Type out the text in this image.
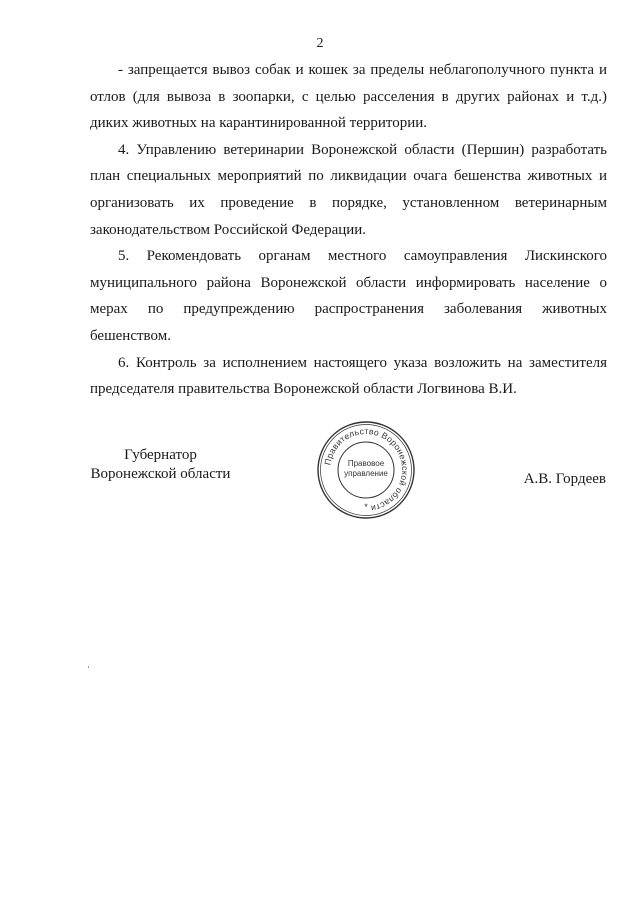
2

- запрещается вывоз собак и кошек за пределы неблагополучного пункта и отлов (для вывоза в зоопарки, с целью расселения в других районах и т.д.) диких животных на карантинированной территории.

4. Управлению ветеринарии Воронежской области (Першин) разработать план специальных мероприятий по ликвидации очага бешенства животных и организовать их проведение в порядке, установленном ветеринарным законодательством Российской Федерации.

5. Рекомендовать органам местного самоуправления Лискинского муниципального района Воронежской области информировать население о мерах по предупреждению распространения заболевания животных бешенством.

6. Контроль за исполнением настоящего указа возложить на заместителя председателя правительства Воронежской области Логвинова В.И.

Губернатор
Воронежской области
Правительство Воронежской области
Правовое
управление
*
А.В. Гордеев
